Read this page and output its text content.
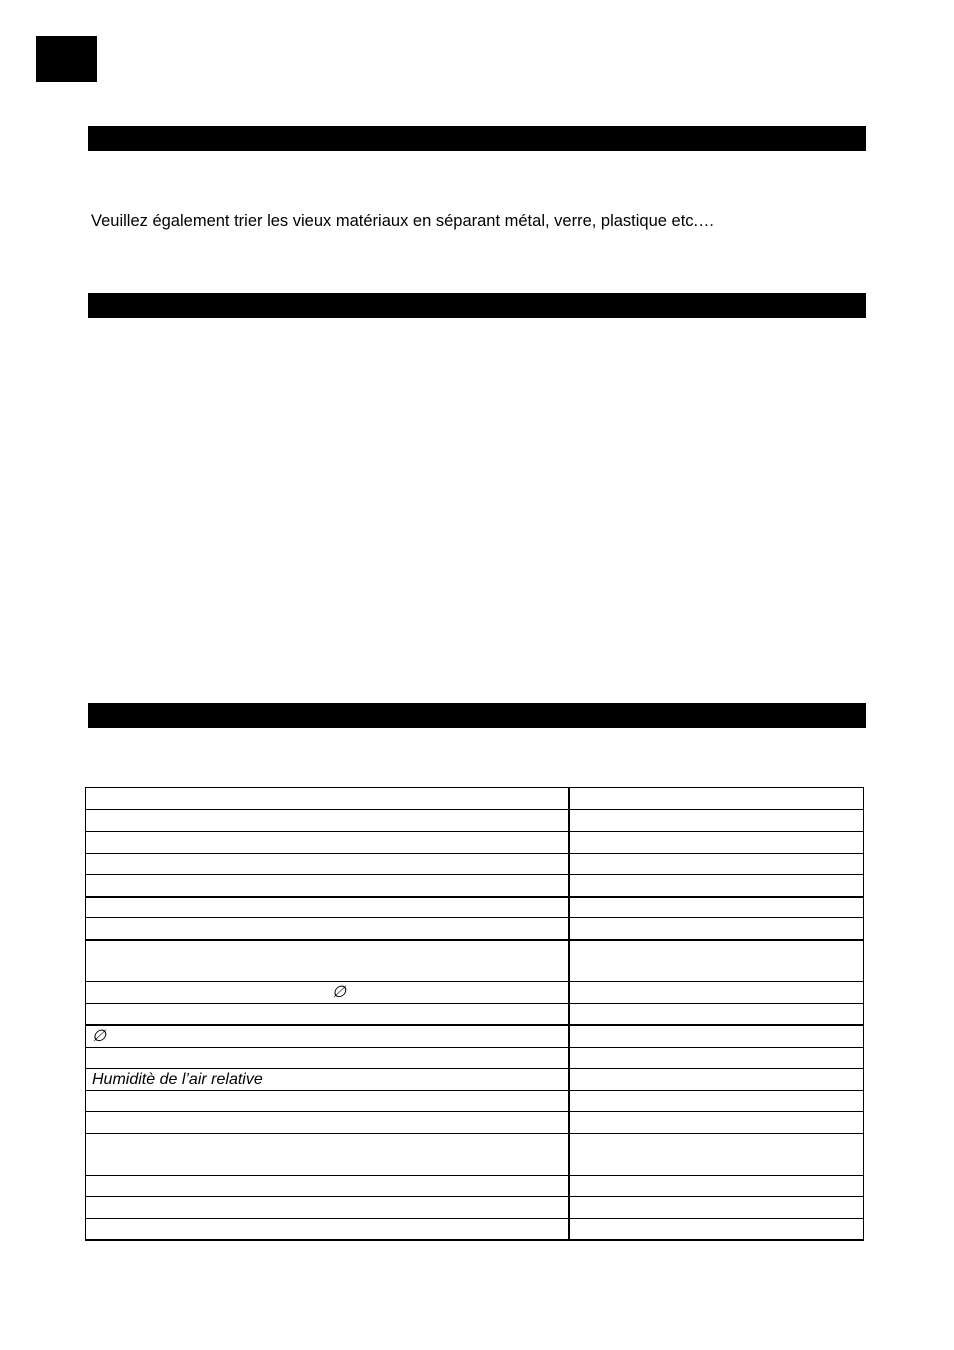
Veuillez également trier les vieux matériaux en séparant métal, verre, plastique etc.…

∅	

∅	

Humiditè de l’air relative	
